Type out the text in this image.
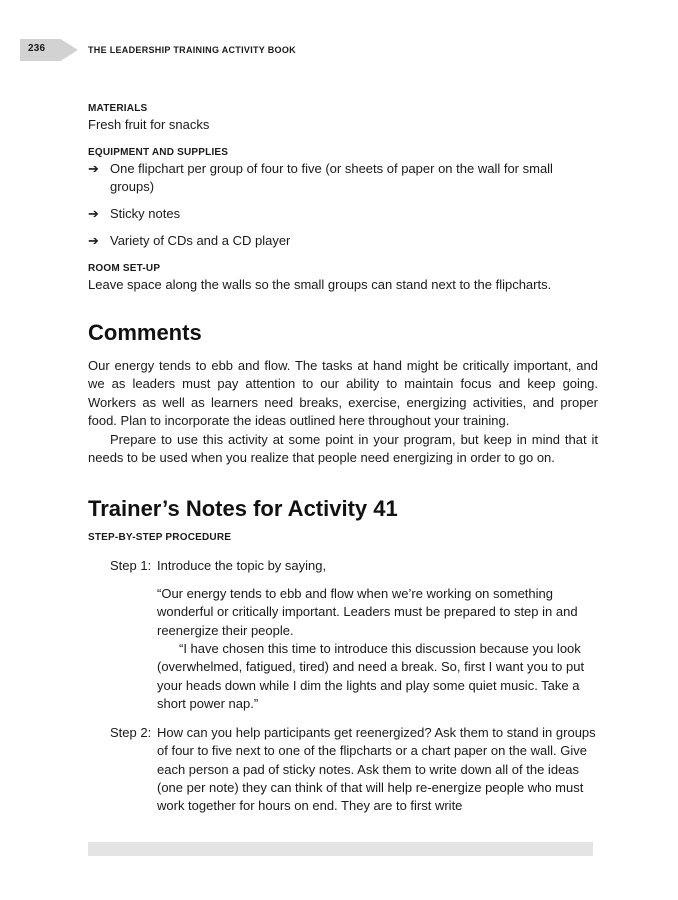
236	THE LEADERSHIP TRAINING ACTIVITY BOOK

MATERIALS

Fresh fruit for snacks

EQUIPMENT AND SUPPLIES

➔ One flipchart per group of four to five (or sheets of paper on the wall for small groups)
➔ Sticky notes
➔ Variety of CDs and a CD player

ROOM SET-UP

Leave space along the walls so the small groups can stand next to the flipcharts.

Comments

Our energy tends to ebb and flow. The tasks at hand might be critically important, and we as leaders must pay attention to our ability to maintain focus and keep going. Workers as well as learners need breaks, exercise, energizing activities, and proper food. Plan to incorporate the ideas outlined here throughout your training.

Prepare to use this activity at some point in your program, but keep in mind that it needs to be used when you realize that people need energizing in order to go on.

Trainer’s Notes for Activity 41

STEP-BY-STEP PROCEDURE

Step 1: Introduce the topic by saying,

“Our energy tends to ebb and flow when we’re working on something wonderful or critically important. Leaders must be prepared to step in and reenergize their people.

“I have chosen this time to introduce this discussion because you look (overwhelmed, fatigued, tired) and need a break. So, first I want you to put your heads down while I dim the lights and play some quiet music. Take a short power nap.”

Step 2: How can you help participants get reenergized? Ask them to stand in groups of four to five next to one of the flipcharts or a chart paper on the wall. Give each person a pad of sticky notes. Ask them to write down all of the ideas (one per note) they can think of that will help re-energize people who must work together for hours on end. They are to first write
